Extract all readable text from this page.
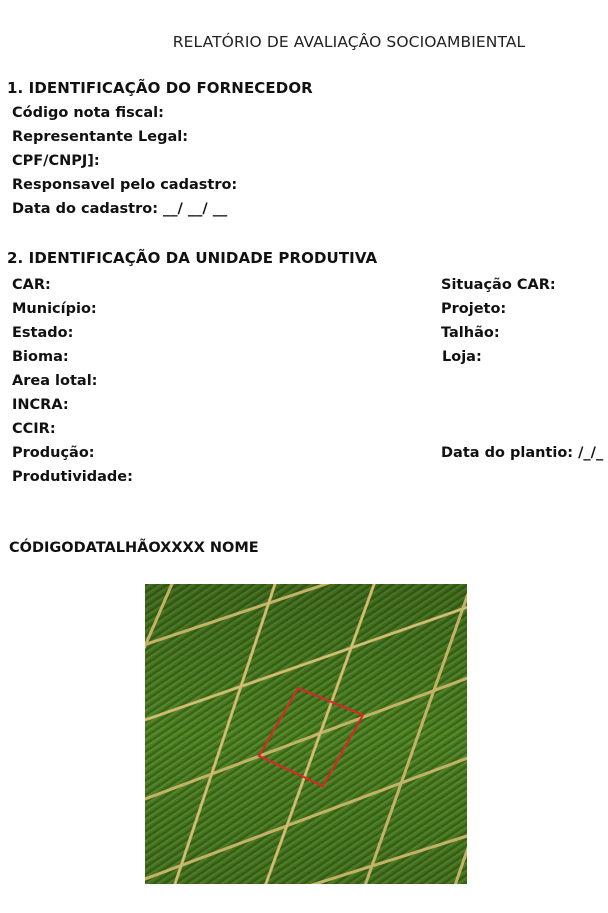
RELATÓRIO DE AVALIAÇÂO SOCIOAMBIENTAL
1. IDENTIFICAÇÃO DO FORNECEDOR
Código nota fiscal:
Representante Legal:
CPF/CNPJ]:
Responsavel pelo cadastro:
Data do cadastro: __/ __/ __
2. IDENTIFICAÇÃO DA UNIDADE PRODUTIVA
CAR:
Município:
Estado:
Bioma:
Area lotal:
INCRA:
CCIR:
Produção:
Produtividade:
Situação CAR:
Projeto:
Talhão:
Loja:
Data do plantio: /_/_
CÓDIGODATALHÃOXXXX NOME
